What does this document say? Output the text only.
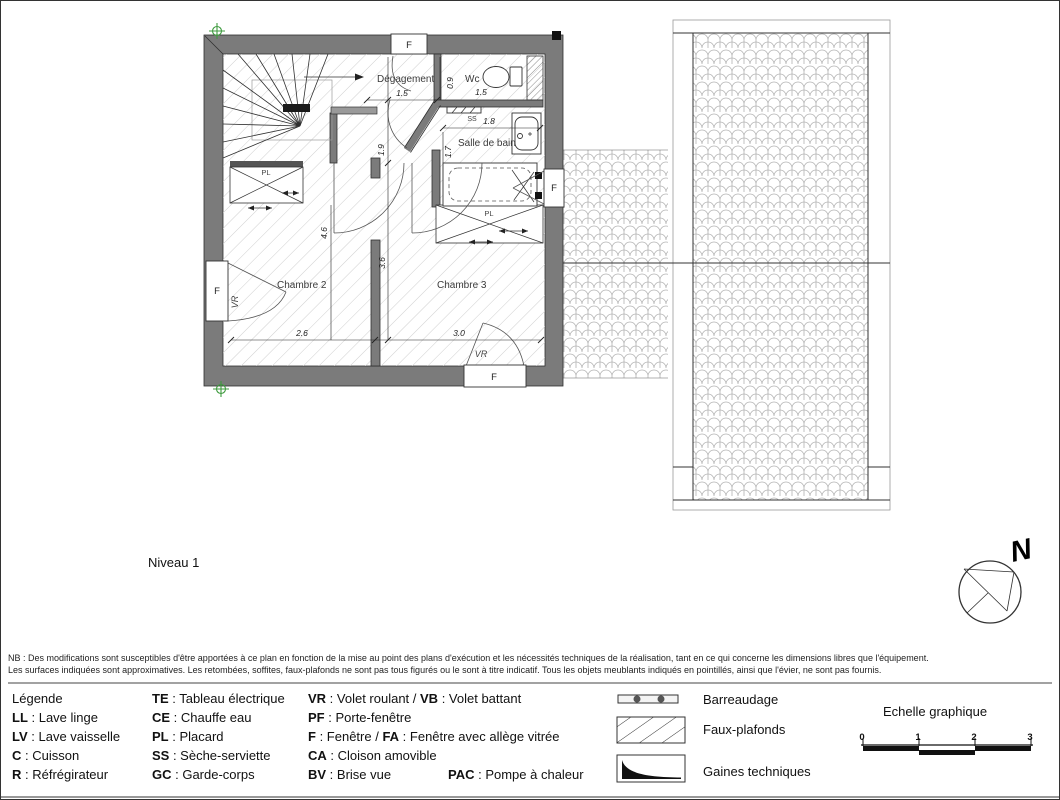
PL
PL
SS
F
F
VR
F
F
VR
Dégagement	Wc
Salle de bain
Chambre 2	Chambre 3
1.5
1.9
0.9
1.5
1.8
1.7
4.6
3.6
2.6	3.0
Niveau 1	N
NB : Des modifications sont susceptibles d'être apportées à ce plan en fonction de la mise au point des plans d'exécution et les nécessités techniques de la réalisation, tant en ce qui concerne les dimensions libres que l'équipement.
Les surfaces indiquées sont approximatives. Les retombées, soffites, faux-plafonds ne sont pas tous figurés ou le sont à titre indicatif. Tous les objets meublants indiqués en pointillés, ainsi que l'évier, ne sont pas fournis.
Légende
LL : Lave linge
LV : Lave vaisselle
C : Cuisson
R : Réfrégirateur
TE : Tableau électrique
CE : Chauffe eau
PL : Placard
SS : Sèche-serviette
GC : Garde-corps
VR : Volet roulant / VB : Volet battant
PF : Porte-fenêtre
F : Fenêtre / FA : Fenêtre avec allège vitrée
CA : Cloison amovible
BV : Brise vue	PAC : Pompe à chaleur
Barreaudage
Faux-plafonds
Gaines techniques
Echelle graphique
0	1	2	3
